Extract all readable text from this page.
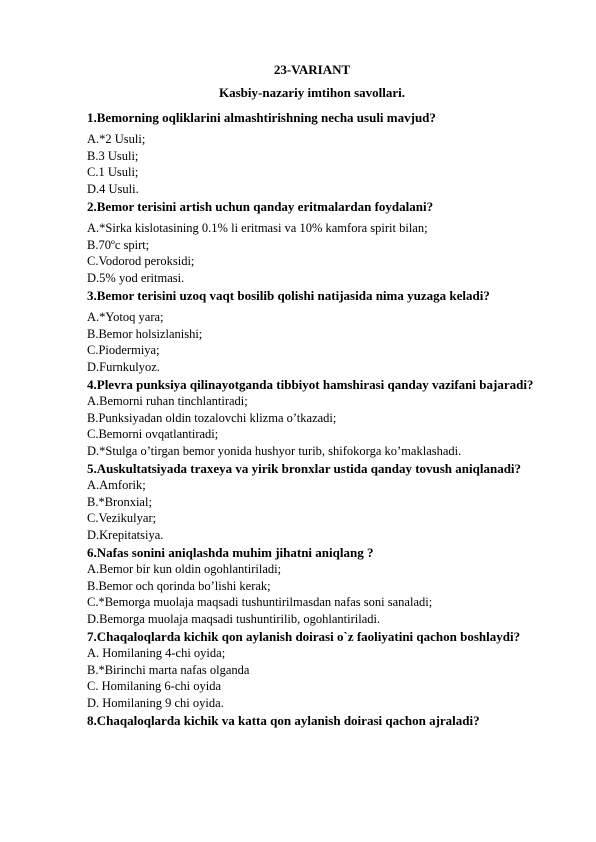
23-VARIANT
Kasbiy-nazariy imtihon savollari.
1.Bemorning oqliklarini almashtirishning necha usuli mavjud?
A.*2 Usuli;
B.3 Usuli;
C.1 Usuli;
D.4 Usuli.
2.Bemor terisini artish uchun qanday eritmalardan foydalani?
A.*Sirka kislotasining 0.1% li eritmasi va 10% kamfora spirit bilan;
B.70ºc spirt;
C.Vodorod peroksidi;
D.5% yod eritmasi.
3.Bemor terisini uzoq vaqt bosilib qolishi natijasida nima yuzaga keladi?
A.*Yotoq yara;
B.Bemor holsizlanishi;
C.Piodermiya;
D.Furnkulyoz.
4.Plevra punksiya qilinayotganda tibbiyot hamshirasi qanday vazifani bajaradi?
A.Bemorni ruhan tinchlantiradi;
B.Punksiyadan oldin tozalovchi klizma o’tkazadi;
C.Bemorni ovqatlantiradi;
D.*Stulga o’tirgan bemor yonida hushyor turib, shifokorga ko’maklashadi.
5.Auskultatsiyada traxeya va yirik bronxlar ustida qanday tovush aniqlanadi?
A.Amforik;
B.*Bronxial;
C.Vezikulyar;
D.Krepitatsiya.
6.Nafas sonini aniqlashda muhim jihatni aniqlang ?
A.Bemor bir kun oldin ogohlantiriladi;
B.Bemor och qorinda bo’lishi kerak;
C.*Bemorga muolaja maqsadi tushuntirilmasdan nafas soni sanaladi;
D.Bemorga muolaja maqsadi tushuntirilib, ogohlantiriladi.
7.Chaqaloqlarda kichik qon aylanish doirasi o`z faoliyatini qachon boshlaydi?
A. Homilaning 4-chi oyida;
B.*Birinchi marta nafas olganda
C. Homilaning 6-chi oyida
D. Homilaning 9 chi oyida.
8.Chaqaloqlarda kichik va katta qon aylanish doirasi qachon ajraladi?
